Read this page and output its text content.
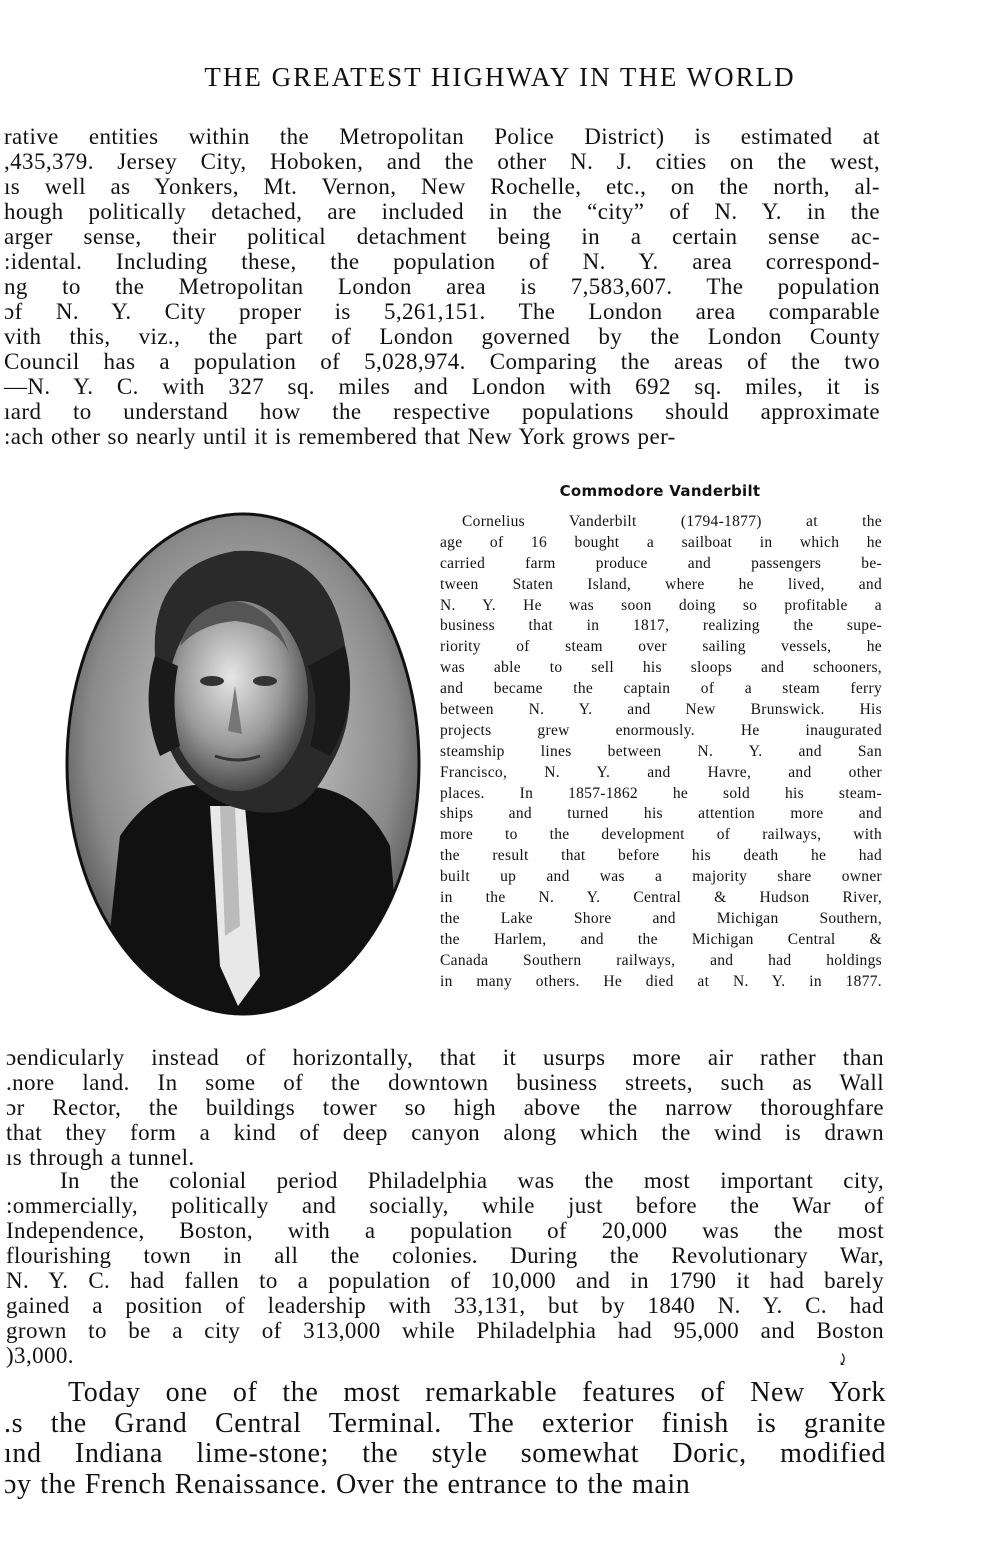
THE GREATEST HIGHWAY IN THE WORLD
rative entities within the Metropolitan Police District) is estimated at
,435,379. Jersey City, Hoboken, and the other N. J. cities on the west,
ıs well as Yonkers, Mt. Vernon, New Rochelle, etc., on the north, al-
hough politically detached, are included in the “city” of N. Y. in the
arger sense, their political detachment being in a certain sense ac-
:idental. Including these, the population of N. Y. area correspond-
ng to the Metropolitan London area is 7,583,607. The population
ɔf N. Y. City proper is 5,261,151. The London area comparable
vith this, viz., the part of London governed by the London County
Council has a population of 5,028,974. Comparing the areas of the two
—N. Y. C. with 327 sq. miles and London with 692 sq. miles, it is
ıard to understand how the respective populations should approximate
:ach other so nearly until it is remembered that New York grows per-
Commodore Vanderbilt
Cornelius Vanderbilt (1794-1877) at the
age of 16 bought a sailboat in which he
carried farm produce and passengers be-
tween Staten Island, where he lived, and
N. Y. He was soon doing so profitable a
business that in 1817, realizing the supe-
riority of steam over sailing vessels, he
was able to sell his sloops and schooners,
and became the captain of a steam ferry
between N. Y. and New Brunswick. His
projects grew enormously. He inaugurated
steamship lines between N. Y. and San
Francisco, N. Y. and Havre, and other
places. In 1857-1862 he sold his steam-
ships and turned his attention more and
more to the development of railways, with
the result that before his death he had
built up and was a majority share owner
in the N. Y. Central & Hudson River,
the Lake Shore and Michigan Southern,
the Harlem, and the Michigan Central &
Canada Southern railways, and had holdings
in many others. He died at N. Y. in 1877.
ɔendicularly instead of horizontally, that it usurps more air rather than
.nore land. In some of the downtown business streets, such as Wall
ɔr Rector, the buildings tower so high above the narrow thoroughfare
that they form a kind of deep canyon along which the wind is drawn
ıs through a tunnel.
In the colonial period Philadelphia was the most important city,
:ommercially, politically and socially, while just before the War of
Independence, Boston, with a population of 20,000 was the most
flourishing town in all the colonies. During the Revolutionary War,
N. Y. C. had fallen to a population of 10,000 and in 1790 it had barely
gained a position of leadership with 33,131, but by 1840 N. Y. C. had
grown to be a city of 313,000 while Philadelphia had 95,000 and Boston
)3,000.
Today one of the most remarkable features of New York
.s the Grand Central Terminal. The exterior finish is granite
ınd Indiana lime-stone; the style somewhat Doric, modified
ɔy the French Renaissance. Over the entrance to the main
⤸
